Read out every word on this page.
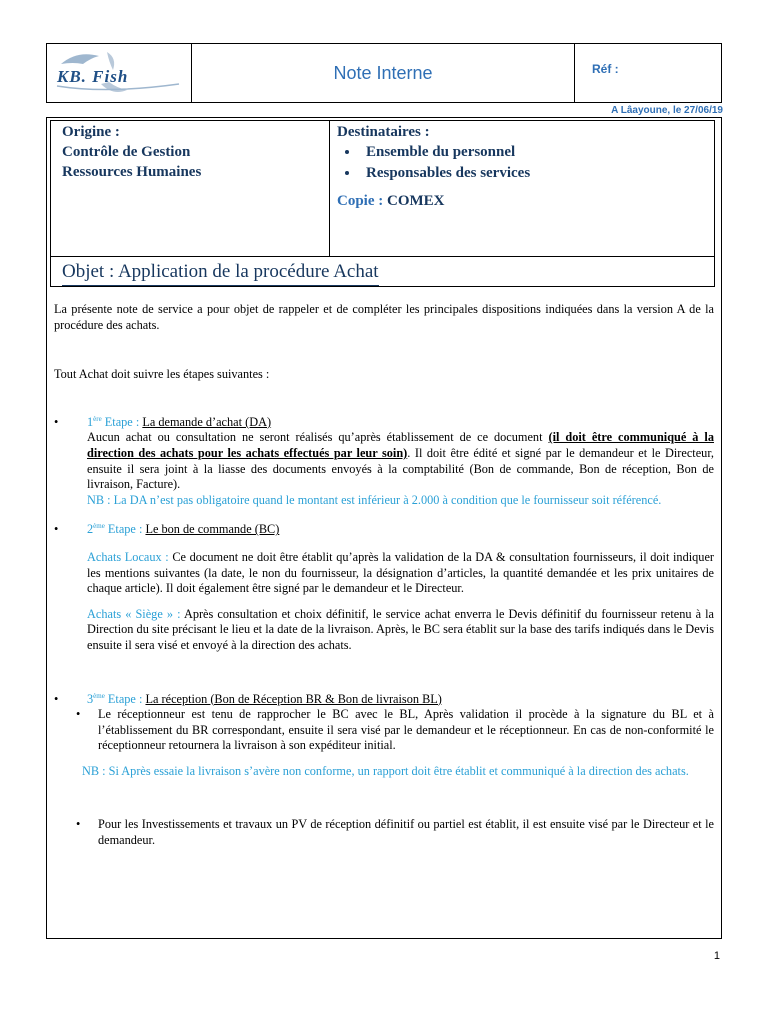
KB. Fish	Note Interne	Réf :
A Lâayoune, le 27/06/19
Origine :
Contrôle de Gestion
Ressources Humaines
Destinataires :
• Ensemble du personnel
• Responsables des services
Copie : COMEX
Objet : Application de la procédure Achat

La présente note de service a pour objet de rappeler et de compléter les principales dispositions indiquées dans la version A de la procédure des achats.

Tout Achat doit suivre les étapes suivantes :

•	1ère Etape : La demande d’achat (DA)

Aucun achat ou consultation ne seront réalisés qu’après établissement de ce document (il doit être communiqué à la direction des achats pour les achats effectués par leur soin). Il doit être édité et signé par le demandeur et le Directeur, ensuite il sera joint à la liasse des documents envoyés à la comptabilité (Bon de commande, Bon de réception, Bon de livraison, Facture).

NB : La DA n’est pas obligatoire quand le montant est inférieur à 2.000 à condition que le fournisseur soit référencé.

•	2ème Etape : Le bon de commande (BC)

Achats Locaux : Ce document ne doit être établit qu’après la validation de la DA & consultation fournisseurs, il doit indiquer les mentions suivantes (la date, le non du fournisseur, la désignation d’articles, la quantité demandée et les prix unitaires de chaque article). Il doit également être signé par le demandeur et le Directeur.

Achats « Siège » : Après consultation et choix définitif, le service achat enverra le Devis définitif du fournisseur retenu à la Direction du site précisant le lieu et la date de la livraison. Après, le BC sera établit sur la base des tarifs indiqués dans le Devis ensuite il sera visé et envoyé à la direction des achats.

•	3ème Etape : La réception (Bon de Réception BR & Bon de livraison BL)
• Le réceptionneur est tenu de rapprocher le BC avec le BL, Après validation il procède à la signature du BL et à l’établissement du BR correspondant, ensuite il sera visé par le demandeur et le réceptionneur. En cas de non-conformité le réceptionneur retournera la livraison à son expéditeur initial.

NB : Si Après essaie la livraison s’avère non conforme, un rapport doit être établit et communiqué à la direction des achats.

• Pour les Investissements et travaux un PV de réception définitif ou partiel est établit, il est ensuite visé par le Directeur et le demandeur.

1
